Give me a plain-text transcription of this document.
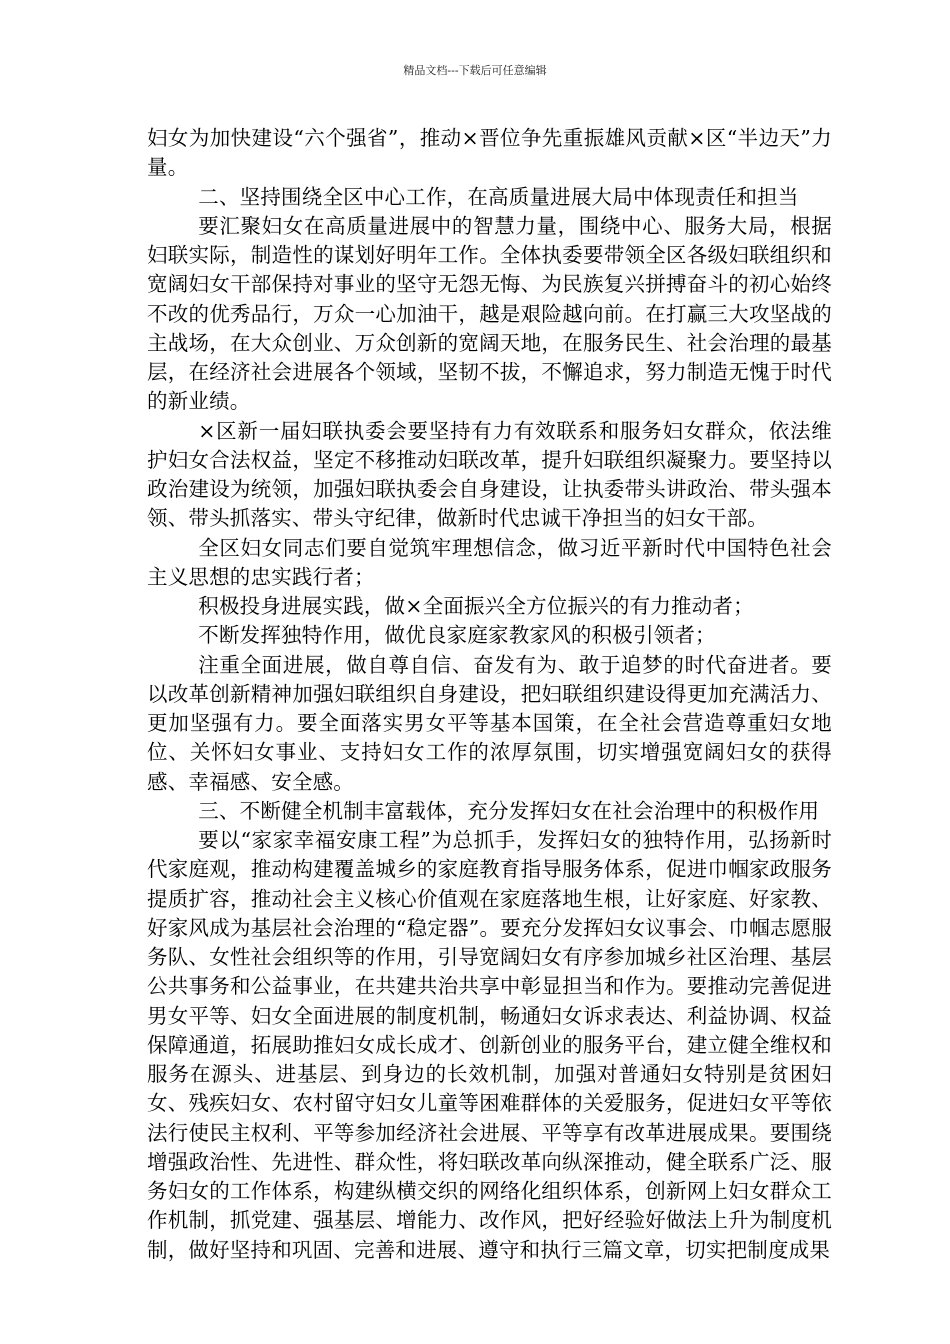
精品文档---下载后可任意编辑

妇女为加快建设“六个强省”，推动×晋位争先重振雄风贡献×区“半边天”力量。

二、坚持围绕全区中心工作，在高质量进展大局中体现责任和担当

要汇聚妇女在高质量进展中的智慧力量，围绕中心、服务大局，根据妇联实际，制造性的谋划好明年工作。全体执委要带领全区各级妇联组织和宽阔妇女干部保持对事业的坚守无怨无悔、为民族复兴拼搏奋斗的初心始终不改的优秀品行，万众一心加油干，越是艰险越向前。在打赢三大攻坚战的主战场，在大众创业、万众创新的宽阔天地，在服务民生、社会治理的最基层，在经济社会进展各个领域，坚韧不拔，不懈追求，努力制造无愧于时代的新业绩。

×区新一届妇联执委会要坚持有力有效联系和服务妇女群众，依法维护妇女合法权益，坚定不移推动妇联改革，提升妇联组织凝聚力。要坚持以政治建设为统领，加强妇联执委会自身建设，让执委带头讲政治、带头强本领、带头抓落实、带头守纪律，做新时代忠诚干净担当的妇女干部。

全区妇女同志们要自觉筑牢理想信念，做习近平新时代中国特色社会主义思想的忠实践行者；

积极投身进展实践，做×全面振兴全方位振兴的有力推动者；

不断发挥独特作用，做优良家庭家教家风的积极引领者；

注重全面进展，做自尊自信、奋发有为、敢于追梦的时代奋进者。要以改革创新精神加强妇联组织自身建设，把妇联组织建设得更加充满活力、更加坚强有力。要全面落实男女平等基本国策，在全社会营造尊重妇女地位、关怀妇女事业、支持妇女工作的浓厚氛围，切实增强宽阔妇女的获得感、幸福感、安全感。

三、不断健全机制丰富载体，充分发挥妇女在社会治理中的积极作用

要以“家家幸福安康工程”为总抓手，发挥妇女的独特作用，弘扬新时代家庭观，推动构建覆盖城乡的家庭教育指导服务体系，促进巾帼家政服务提质扩容，推动社会主义核心价值观在家庭落地生根，让好家庭、好家教、好家风成为基层社会治理的“稳定器”。要充分发挥妇女议事会、巾帼志愿服务队、女性社会组织等的作用，引导宽阔妇女有序参加城乡社区治理、基层公共事务和公益事业，在共建共治共享中彰显担当和作为。要推动完善促进男女平等、妇女全面进展的制度机制，畅通妇女诉求表达、利益协调、权益保障通道，拓展助推妇女成长成才、创新创业的服务平台，建立健全维权和服务在源头、进基层、到身边的长效机制，加强对普通妇女特别是贫困妇女、残疾妇女、农村留守妇女儿童等困难群体的关爱服务，促进妇女平等依法行使民主权利、平等参加经济社会进展、平等享有改革进展成果。要围绕增强政治性、先进性、群众性，将妇联改革向纵深推动，健全联系广泛、服务妇女的工作体系，构建纵横交织的网络化组织体系，创新网上妇女群众工作机制，抓党建、强基层、增能力、改作风，把好经验好做法上升为制度机制，做好坚持和巩固、完善和进展、遵守和执行三篇文章，切实把制度成果
